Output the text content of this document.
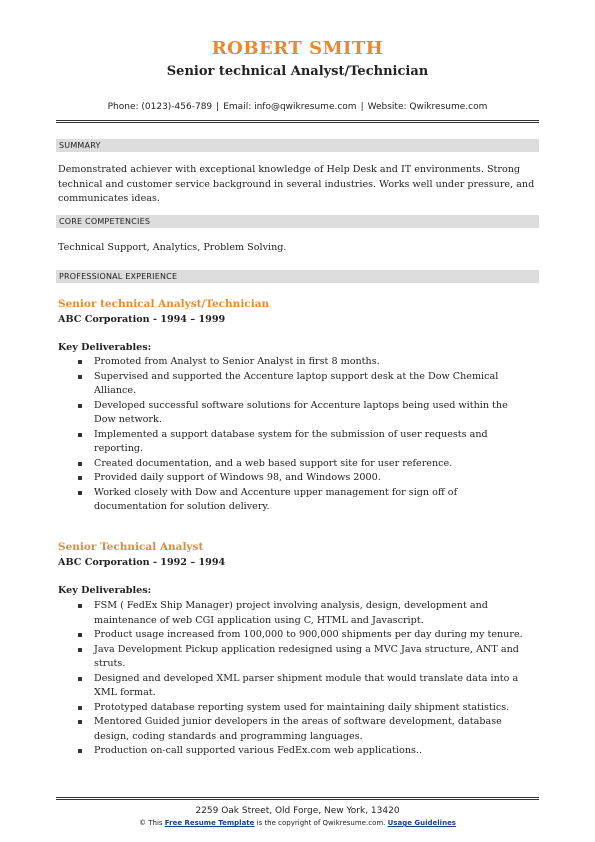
ROBERT SMITH
Senior technical Analyst/Technician
Phone: (0123)-456-789 | Email: info@qwikresume.com | Website: Qwikresume.com
SUMMARY
Demonstrated achiever with exceptional knowledge of Help Desk and IT environments. Strong technical and customer service background in several industries. Works well under pressure, and communicates ideas.
CORE COMPETENCIES
Technical Support, Analytics, Problem Solving.
PROFESSIONAL EXPERIENCE
Senior technical Analyst/Technician
ABC Corporation - 1994 – 1999
Key Deliverables:
Promoted from Analyst to Senior Analyst in first 8 months.
Supervised and supported the Accenture laptop support desk at the Dow Chemical Alliance.
Developed successful software solutions for Accenture laptops being used within the Dow network.
Implemented a support database system for the submission of user requests and reporting.
Created documentation, and a web based support site for user reference.
Provided daily support of Windows 98, and Windows 2000.
Worked closely with Dow and Accenture upper management for sign off of documentation for solution delivery.
Senior Technical Analyst
ABC Corporation - 1992 – 1994
Key Deliverables:
FSM ( FedEx Ship Manager) project involving analysis, design, development and maintenance of web CGI application using C, HTML and Javascript.
Product usage increased from 100,000 to 900,000 shipments per day during my tenure.
Java Development Pickup application redesigned using a MVC Java structure, ANT and struts.
Designed and developed XML parser shipment module that would translate data into a XML format.
Prototyped database reporting system used for maintaining daily shipment statistics.
Mentored Guided junior developers in the areas of software development, database design, coding standards and programming languages.
Production on-call supported various FedEx.com web applications..
2259 Oak Street, Old Forge, New York, 13420
© This Free Resume Template is the copyright of Qwikresume.com. Usage Guidelines
